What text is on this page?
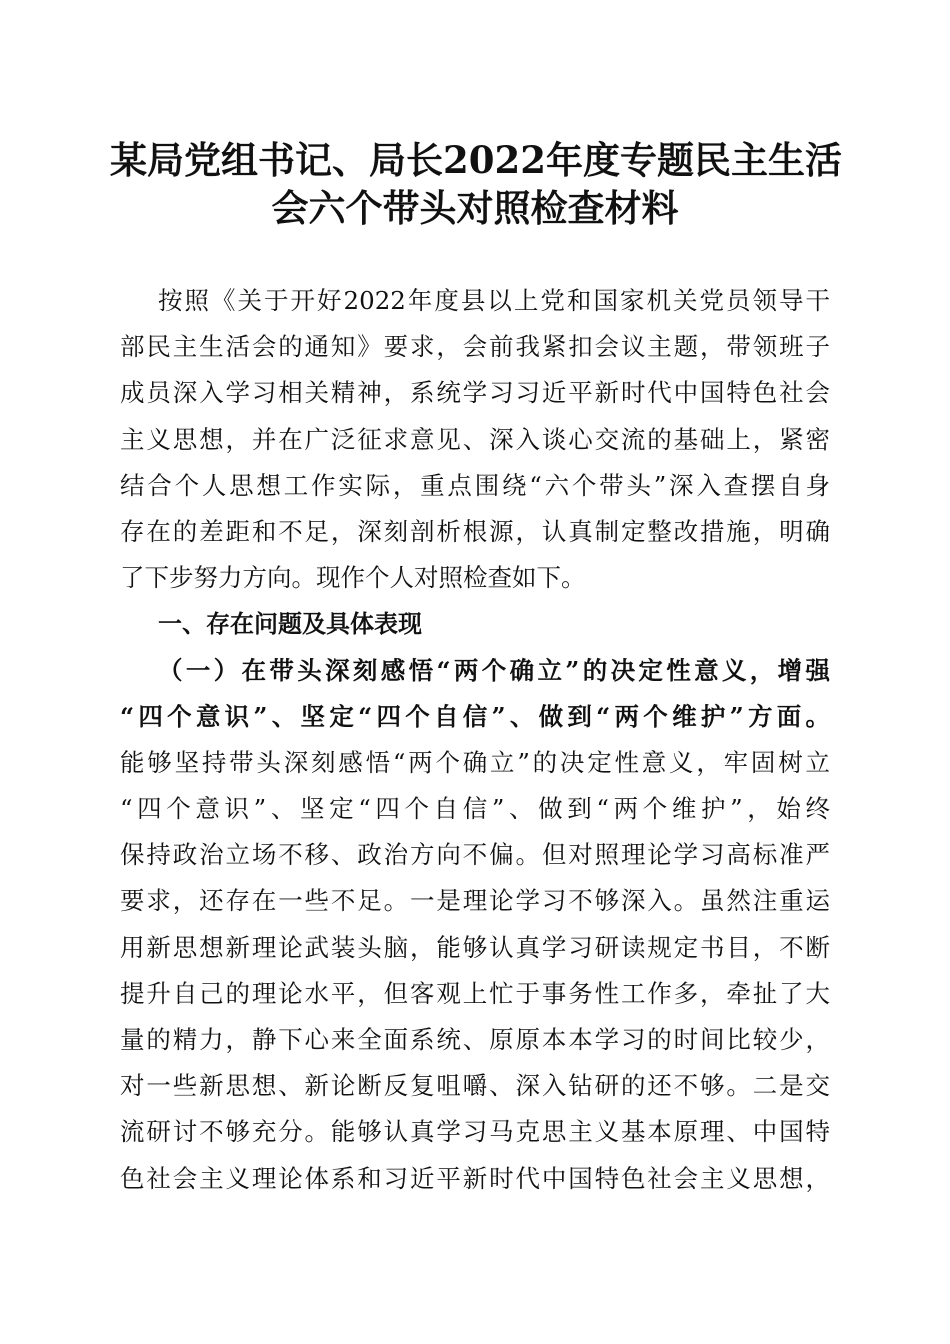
某局党组书记、局长2022年度专题民主生活
会六个带头对照检查材料
按照《关于开好2022年度县以上党和国家机关党员领导干
部民主生活会的通知》要求，会前我紧扣会议主题，带领班子
成员深入学习相关精神，系统学习习近平新时代中国特色社会
主义思想，并在广泛征求意见、深入谈心交流的基础上，紧密
结合个人思想工作实际，重点围绕“六个带头”深入查摆自身
存在的差距和不足，深刻剖析根源，认真制定整改措施，明确
了下步努力方向。现作个人对照检查如下。
一、存在问题及具体表现
（一）在带头深刻感悟“两个确立”的决定性意义，增强
“四个意识”、坚定“四个自信”、做到“两个维护”方面。
能够坚持带头深刻感悟“两个确立”的决定性意义，牢固树立
“四个意识”、坚定“四个自信”、做到“两个维护”，始终
保持政治立场不移、政治方向不偏。但对照理论学习高标准严
要求，还存在一些不足。一是理论学习不够深入。虽然注重运
用新思想新理论武装头脑，能够认真学习研读规定书目，不断
提升自己的理论水平，但客观上忙于事务性工作多，牵扯了大
量的精力，静下心来全面系统、原原本本学习的时间比较少，
对一些新思想、新论断反复咀嚼、深入钻研的还不够。二是交
流研讨不够充分。能够认真学习马克思主义基本原理、中国特
色社会主义理论体系和习近平新时代中国特色社会主义思想，
